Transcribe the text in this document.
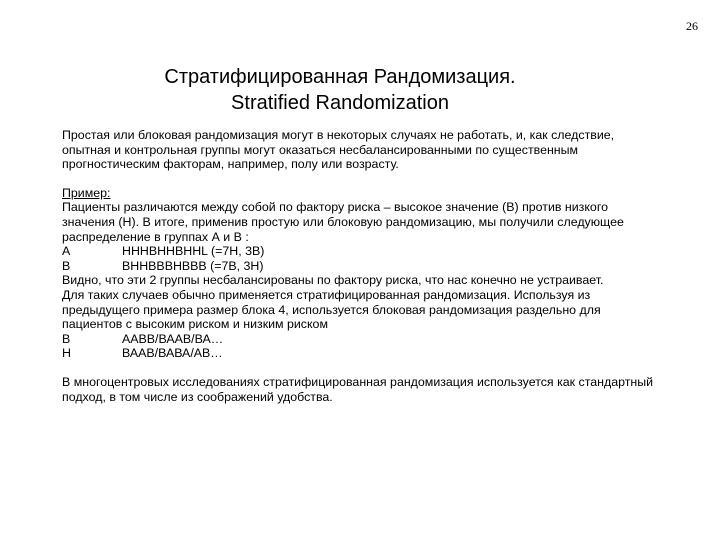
26
Стратифицированная Рандомизация.
Stratified Randomization

Простая или блоковая рандомизация могут в некоторых случаях не работать, и, как следствие, опытная и контрольная группы могут оказаться несбалансированными по существенным прогностическим факторам, например, полу или возрасту.

Пример:

Пациенты различаются между собой по фактору риска – высокое значение (В) против низкого значения (Н). В итоге, применив простую или блоковую рандомизацию, мы получили следующее распределение в группах А и В :

А	НННВННВННL (=7Н, 3В)
В	ВННВВВНВВВ (=7В, 3Н)

Видно, что эти 2 группы несбалансированы по фактору риска, что нас конечно не устраивает.

Для таких случаев обычно применяется стратифицированная рандомизация. Используя из предыдущего примера размер блока 4, используется блоковая рандомизация раздельно для пациентов с высоким риском и низким риском

В	ААВВ/ВААВ/ВА…
Н	ВААВ/ВАВА/АВ…

В многоцентровых исследованиях стратифицированная рандомизация используется как стандартный подход, в том числе из соображений удобства.
